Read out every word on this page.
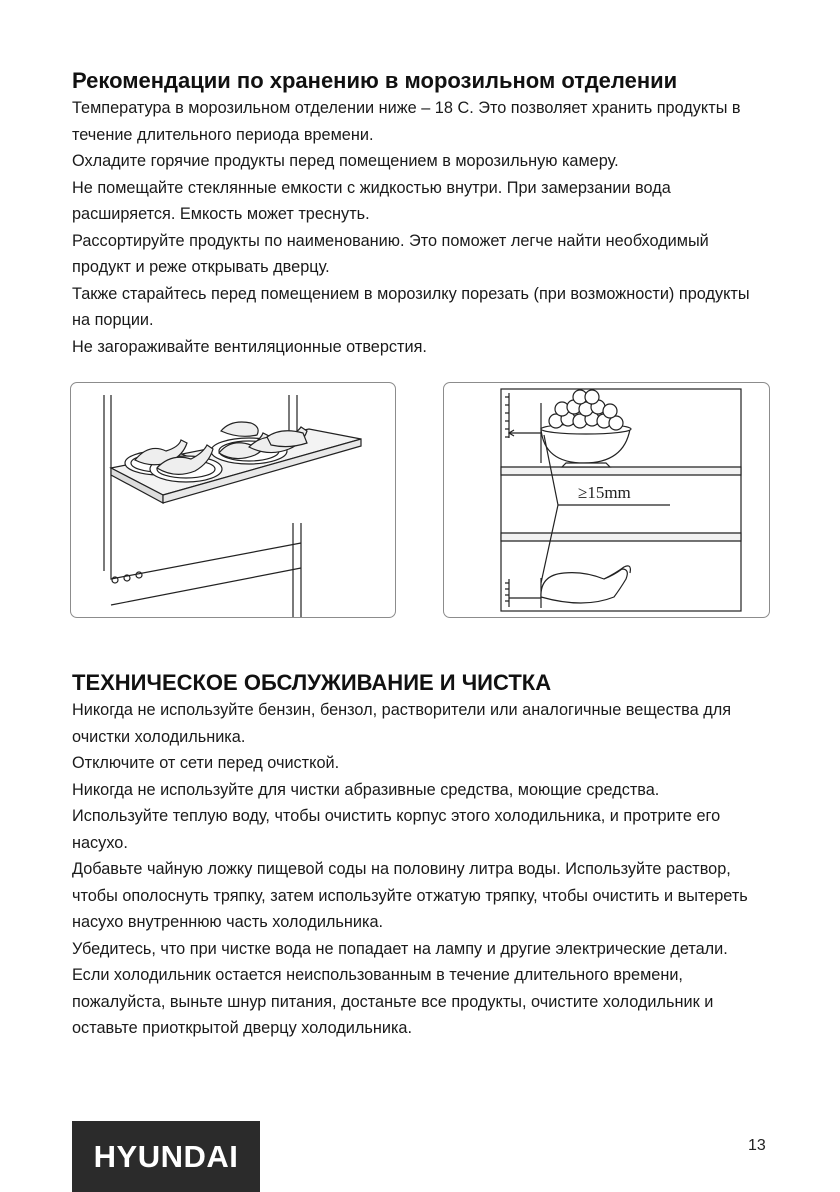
Рекомендации по хранению в морозильном отделении

Температура в морозильном отделении ниже – 18 С. Это позволяет хранить продукты в течение длительного периода времени.

Охладите горячие продукты перед помещением в морозильную камеру.

Не помещайте стеклянные емкости с жидкостью внутри. При замерзании вода расширяется. Емкость может треснуть.

Рассортируйте продукты по наименованию. Это поможет легче найти необходимый продукт и реже открывать дверцу.

Также старайтесь перед помещением в морозилку порезать (при возможности) продукты на порции.

Не загораживайте вентиляционные отверстия.

≥15mm
ТЕХНИЧЕСКОЕ ОБСЛУЖИВАНИЕ И ЧИСТКА

Никогда не используйте бензин, бензол, растворители или аналогичные вещества для очистки холодильника.

Отключите от сети перед очисткой.

Никогда не используйте для чистки абразивные средства, моющие средства.

Используйте теплую воду, чтобы очистить корпус этого холодильника, и протрите его насухо.

Добавьте чайную ложку пищевой соды на половину литра воды. Используйте раствор, чтобы ополоснуть тряпку, затем используйте отжатую тряпку, чтобы очистить и вытереть насухо внутреннюю часть холодильника.

Убедитесь, что при чистке вода не попадает на лампу и другие электрические детали.

Если холодильник остается неиспользованным в течение длительного времени, пожалуйста, выньте шнур питания, достаньте все продукты, очистите холодильник и оставьте приоткрытой дверцу холодильника.

HYUNDAI	13
